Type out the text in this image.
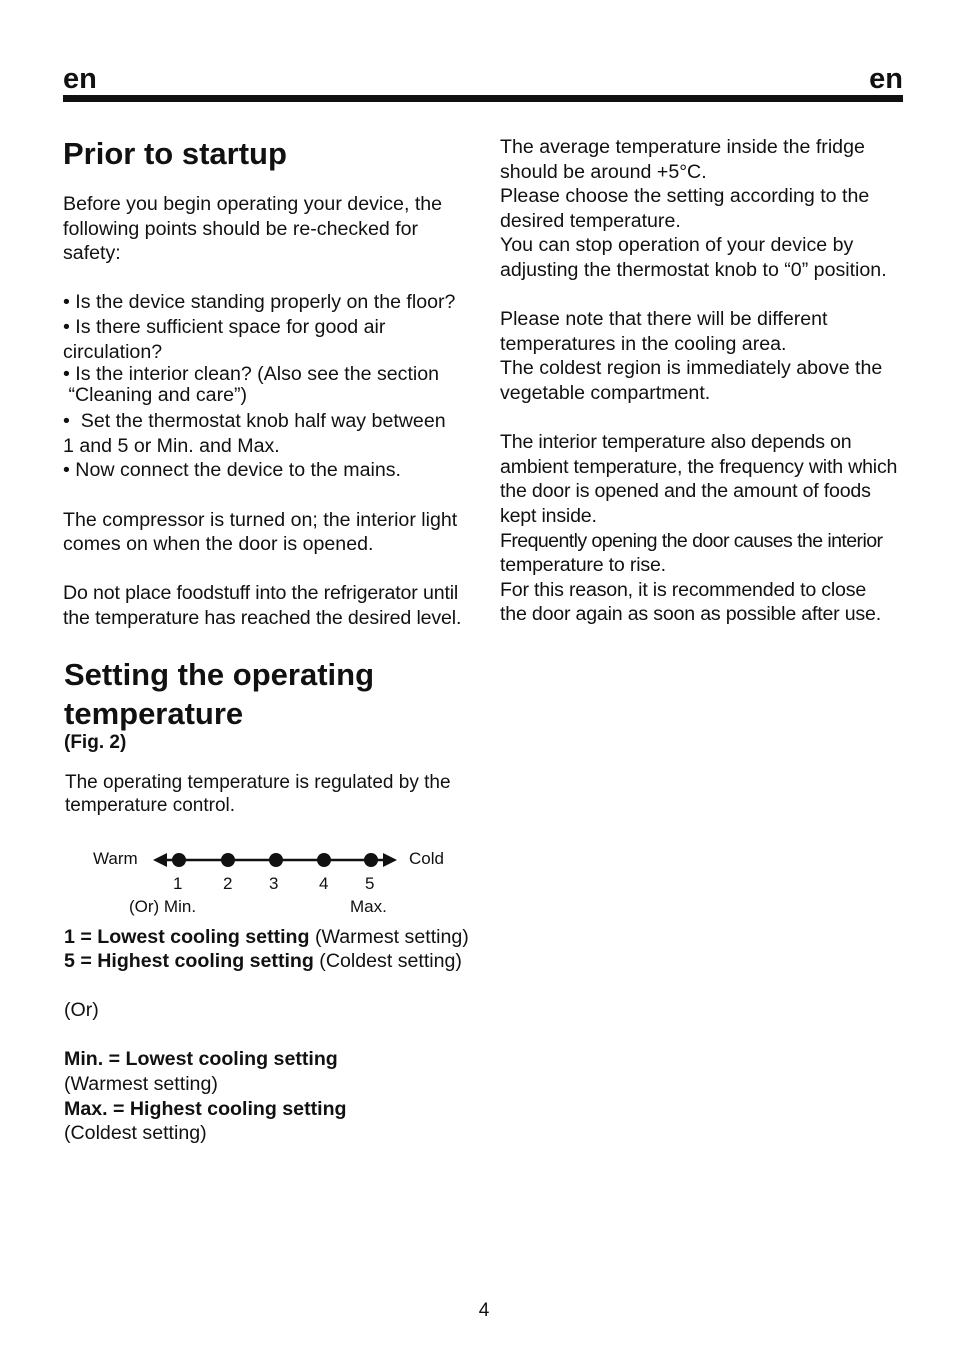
en	en
Prior to startup

Before you begin operating your device, the
following points should be re-checked for
safety:

• Is the device standing properly on the floor?
• Is there sufficient space for good air
circulation?
• Is the interior clean? (Also see the section
“Cleaning and care”)
•  Set the thermostat knob half way between
1 and 5 or Min. and Max.
• Now connect the device to the mains.

The compressor is turned on; the interior light
comes on when the door is opened.

Do not place foodstuff into the refrigerator until
the temperature has reached the desired level.

Setting the operating
temperature
(Fig. 2)

The operating temperature is regulated by the
temperature control.

Warm	Cold
1 2 3 4 5
(Or) Min.	Max.
1 = Lowest cooling setting (Warmest setting)
5 = Highest cooling setting (Coldest setting)
(Or)
Min. = Lowest cooling setting
(Warmest setting)
Max. = Highest cooling setting
(Coldest setting)

The average temperature inside the fridge
should be around +5°C.
Please choose the setting according to the
desired temperature.
You can stop operation of your device by
adjusting the thermostat knob to “0” position.

Please note that there will be different
temperatures in the cooling area.
The coldest region is immediately above the
vegetable compartment.

The interior temperature also depends on
ambient temperature, the frequency with which
the door is opened and the amount of foods
kept inside.
Frequently opening the door causes the interior
temperature to rise.
For this reason, it is recommended to close
the door again as soon as possible after use.

4
